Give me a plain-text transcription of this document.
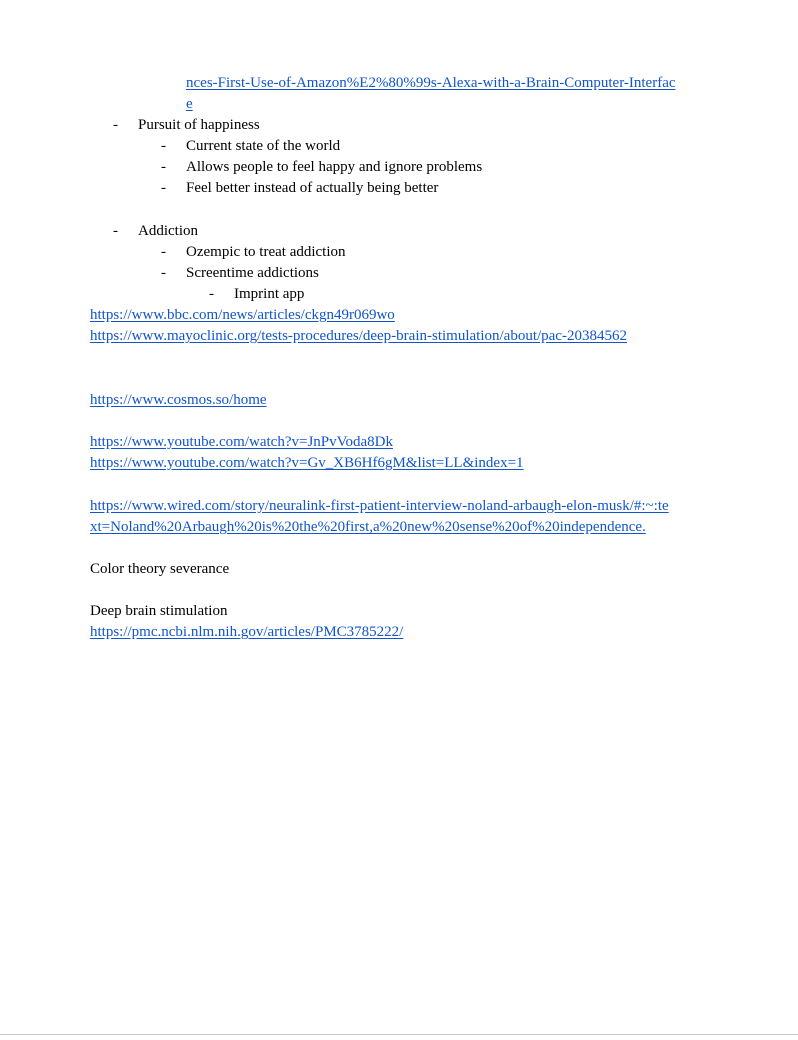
nces-First-Use-of-Amazon%E2%80%99s-Alexa-with-a-Brain-Computer-Interfac
e
-	Pursuit of happiness
-	Current state of the world
-	Allows people to feel happy and ignore problems
-	Feel better instead of actually being better
-	Addiction
-	Ozempic to treat addiction
-	Screentime addictions
-	Imprint app
https://www.bbc.com/news/articles/ckgn49r069wo
https://www.mayoclinic.org/tests-procedures/deep-brain-stimulation/about/pac-20384562
https://www.cosmos.so/home
https://www.youtube.com/watch?v=JnPvVoda8Dk
https://www.youtube.com/watch?v=Gv_XB6Hf6gM&list=LL&index=1
https://www.wired.com/story/neuralink-first-patient-interview-noland-arbaugh-elon-musk/#:~:te
xt=Noland%20Arbaugh%20is%20the%20first,a%20new%20sense%20of%20independence.
Color theory severance
Deep brain stimulation
https://pmc.ncbi.nlm.nih.gov/articles/PMC3785222/
